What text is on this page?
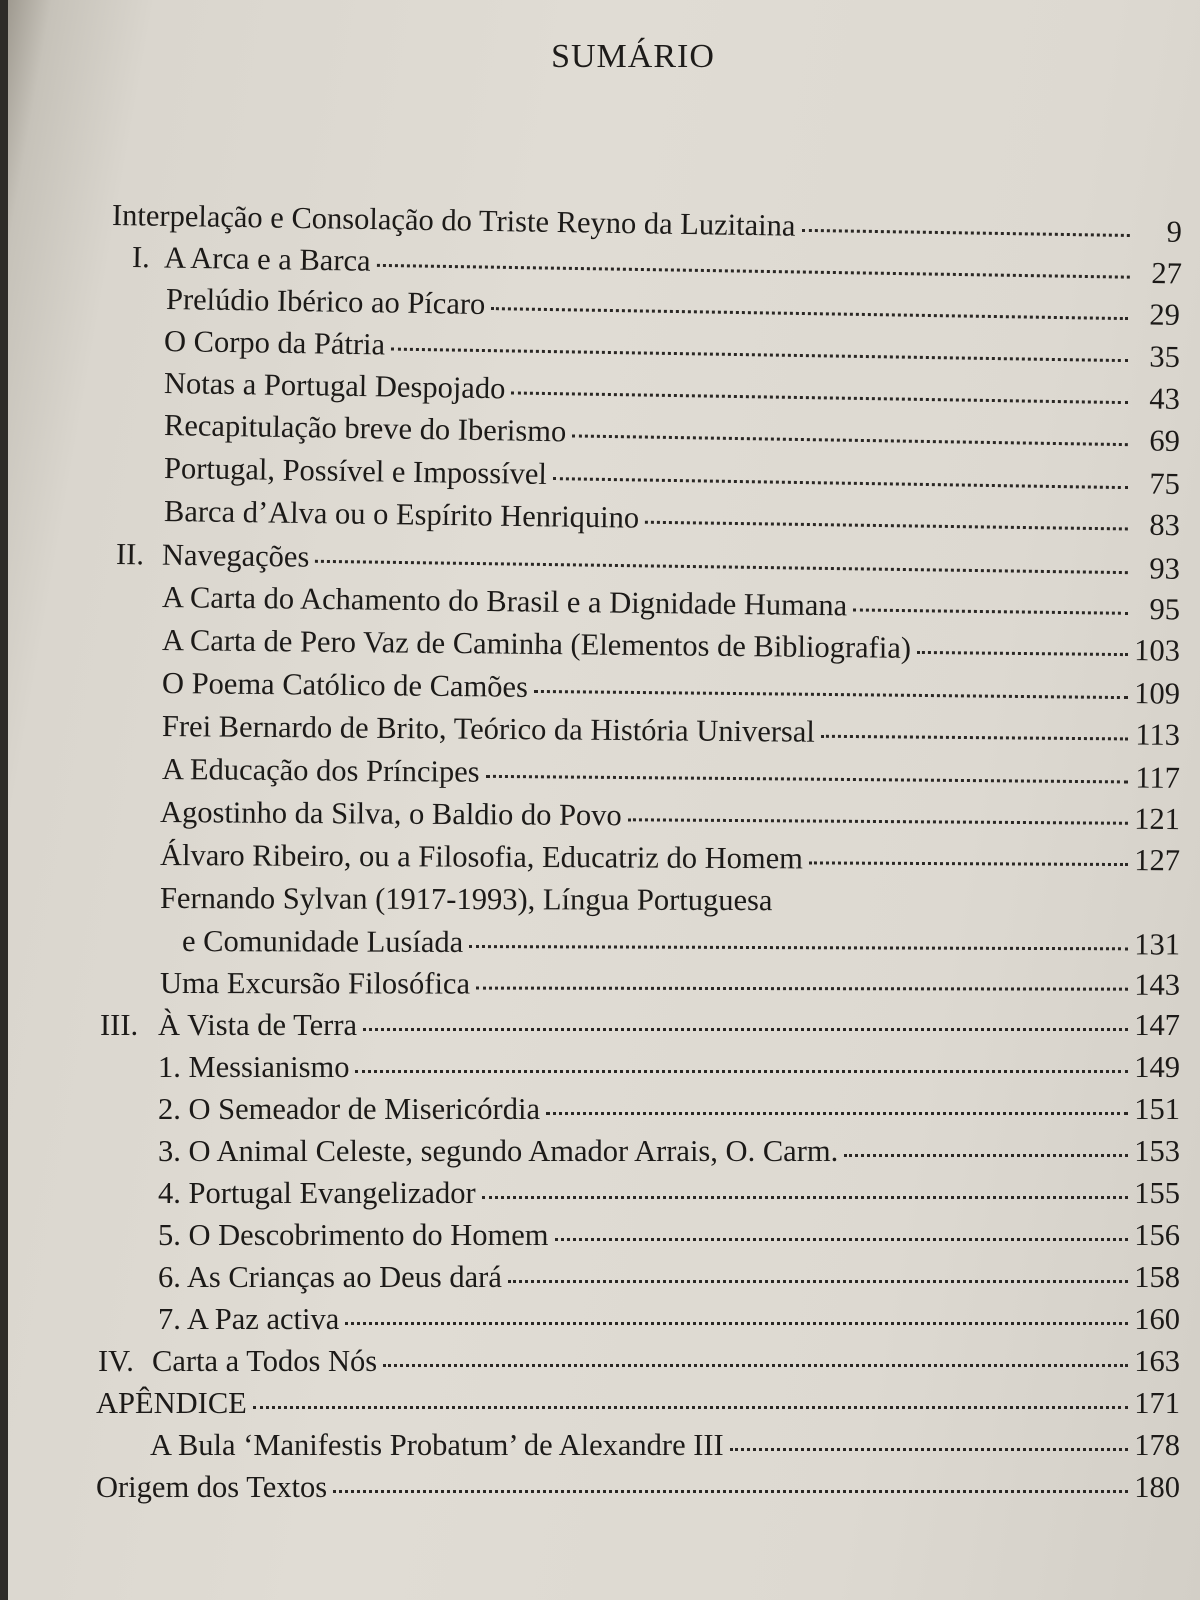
SUMÁRIO
Interpelação e Consolação do Triste Reyno da Luzitaina	9
I. A Arca e a Barca	27
Prelúdio Ibérico ao Pícaro	29
O Corpo da Pátria	35
Notas a Portugal Despojado	43
Recapitulação breve do Iberismo	69
Portugal, Possível e Impossível	75
Barca d’Alva ou o Espírito Henriquino	83
II. Navegações	93
A Carta do Achamento do Brasil e a Dignidade Humana	95
A Carta de Pero Vaz de Caminha (Elementos de Bibliografia)	103
O Poema Católico de Camões	109
Frei Bernardo de Brito, Teórico da História Universal	113
A Educação dos Príncipes	117
Agostinho da Silva, o Baldio do Povo	121
Álvaro Ribeiro, ou a Filosofia, Educatriz do Homem	127
Fernando Sylvan (1917-1993), Língua Portuguesa
e Comunidade Lusíada	131
Uma Excursão Filosófica	143
III. À Vista de Terra	147
1. Messianismo	149
2. O Semeador de Misericórdia	151
3. O Animal Celeste, segundo Amador Arrais, O. Carm.	153
4. Portugal Evangelizador	155
5. O Descobrimento do Homem	156
6. As Crianças ao Deus dará	158
7. A Paz activa	160
IV. Carta a Todos Nós	163
APÊNDICE	171
A Bula ‘Manifestis Probatum’ de Alexandre III	178
Origem dos Textos	180
